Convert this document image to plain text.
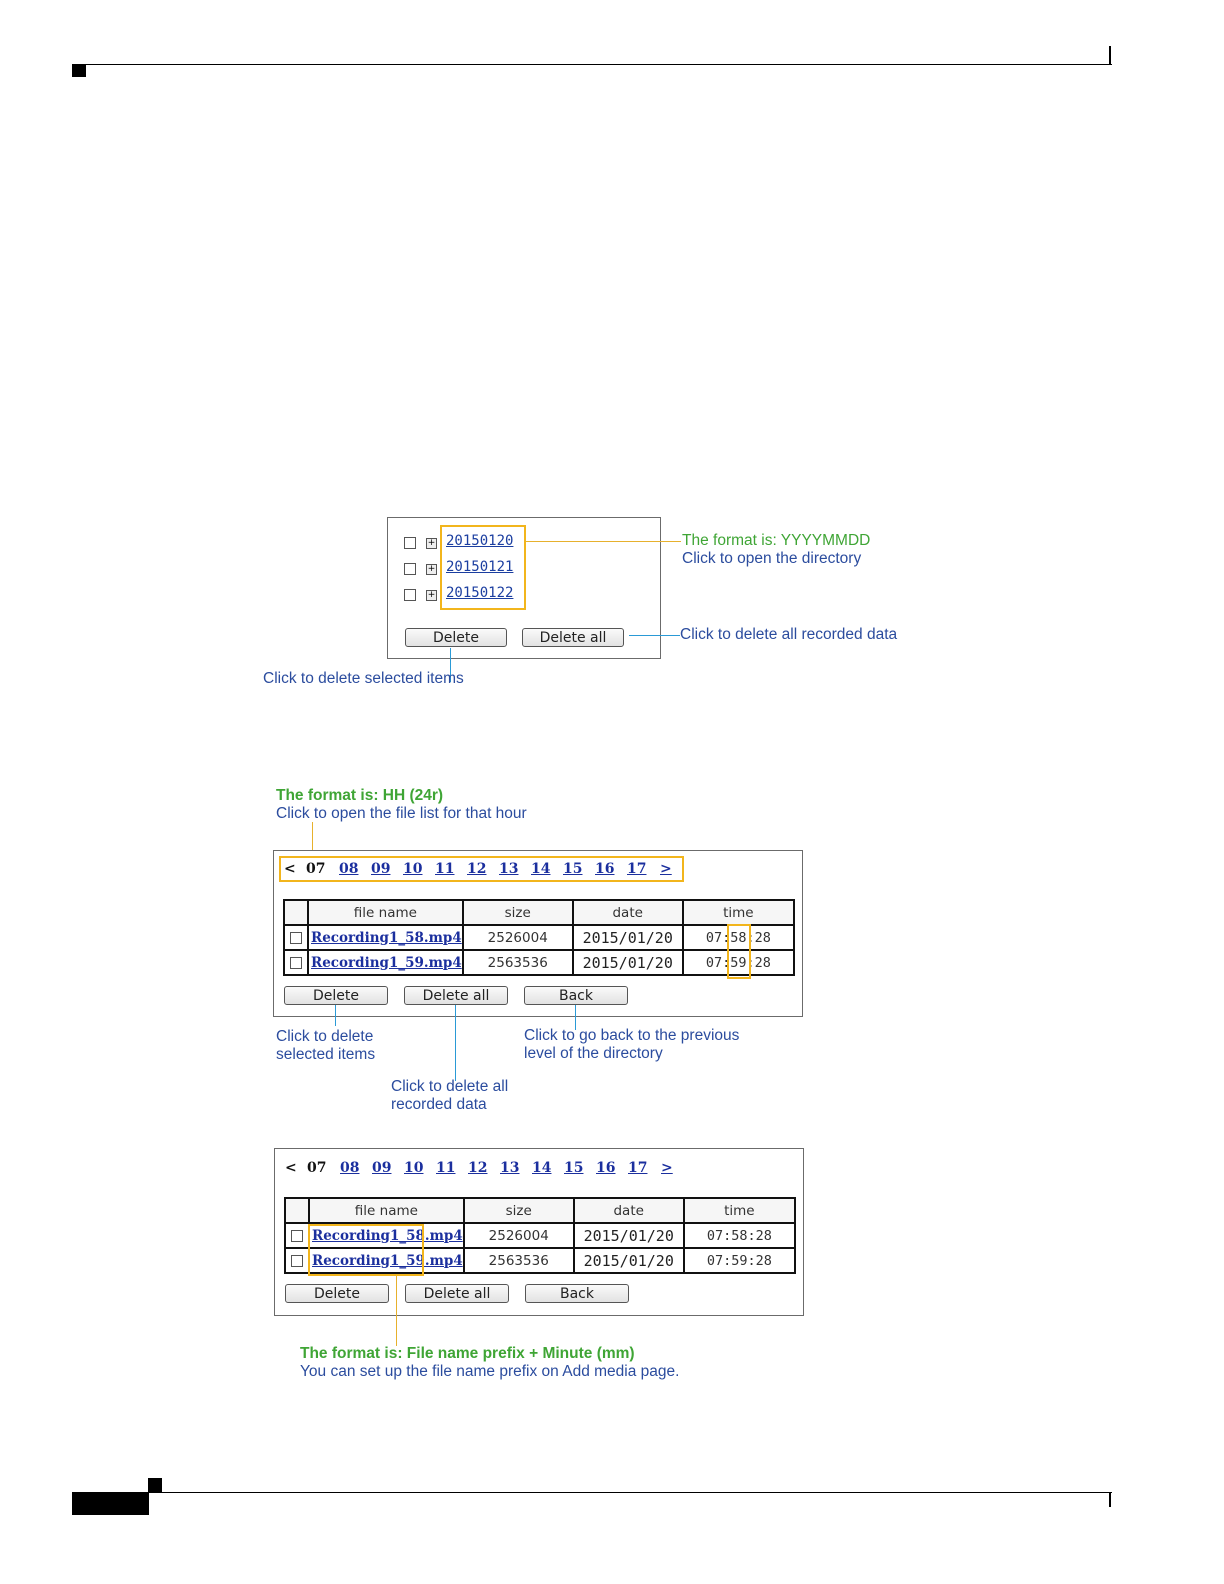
+ 20150120
+ 20150121
+ 20150122
Delete	Delete all
The format is: YYYYMMDD
Click to open the directory
Click to delete all recorded data
Click to delete selected items
The format is: HH (24r)
Click to open the file list for that hour
< 07 08 09 10 11 12 13 14 15 16 17 >
	file name	size	date	time
	Recording1_58.mp4	2526004	2015/01/20	07:58:28
	Recording1_59.mp4	2563536	2015/01/20	07:59:28
Delete	Delete all	Back
Click to delete
selected items
Click to delete all
recorded data
Click to go back to the previous
level of the directory
< 07 08 09 10 11 12 13 14 15 16 17 >
	file name	size	date	time
	Recording1_58.mp4	2526004	2015/01/20	07:58:28
	Recording1_59.mp4	2563536	2015/01/20	07:59:28
Delete	Delete all	Back
The format is: File name prefix + Minute (mm)
You can set up the file name prefix on Add media page.
